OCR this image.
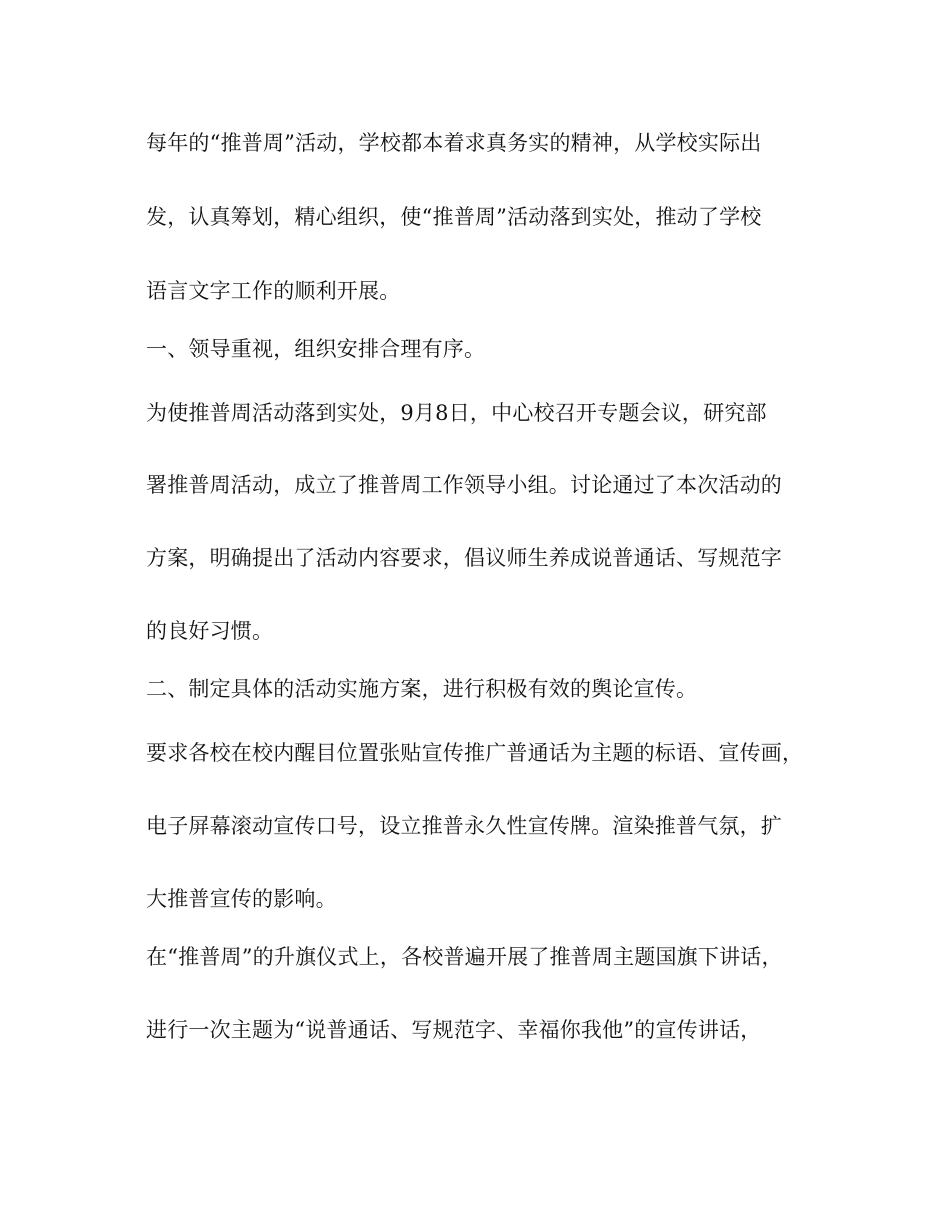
每年的“推普周”活动，学校都本着求真务实的精神，从学校实际出
发，认真筹划，精心组织，使“推普周”活动落到实处，推动了学校
语言文字工作的顺利开展。
一、领导重视，组织安排合理有序。
为使推普周活动落到实处，9月8日，中心校召开专题会议，研究部
署推普周活动，成立了推普周工作领导小组。讨论通过了本次活动的
方案，明确提出了活动内容要求，倡议师生养成说普通话、写规范字
的良好习惯。
二、制定具体的活动实施方案，进行积极有效的舆论宣传。
要求各校在校内醒目位置张贴宣传推广普通话为主题的标语、宣传画，
电子屏幕滚动宣传口号，设立推普永久性宣传牌。渲染推普气氛，扩
大推普宣传的影响。
在“推普周”的升旗仪式上，各校普遍开展了推普周主题国旗下讲话，
进行一次主题为“说普通话、写规范字、幸福你我他”的宣传讲话，
